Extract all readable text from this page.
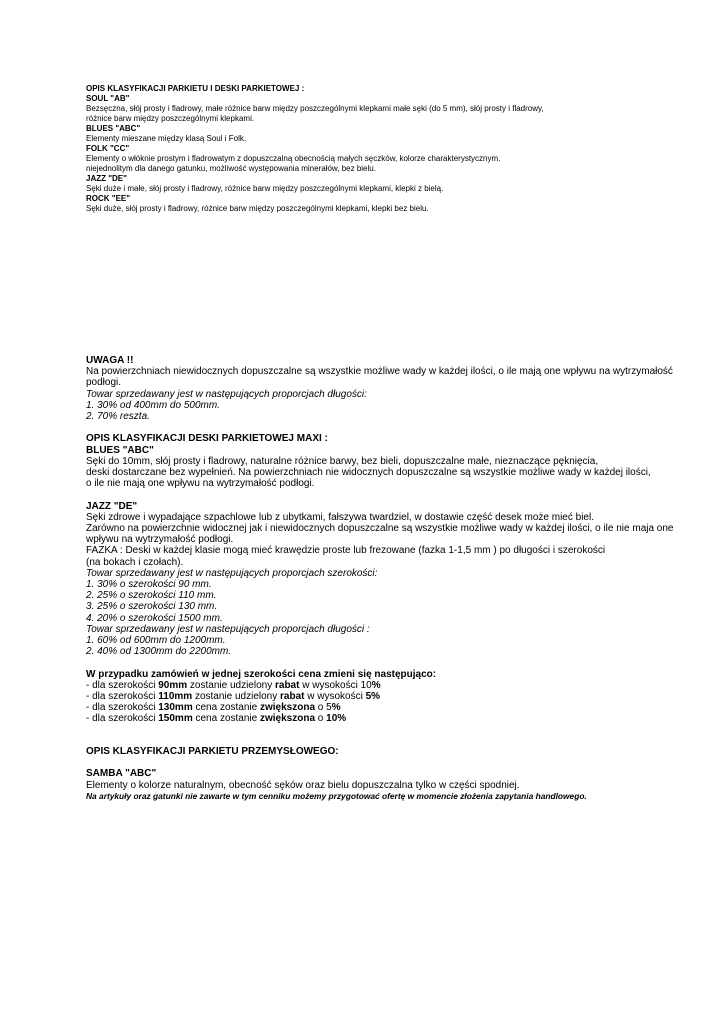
OPIS KLASYFIKACJI PARKIETU I DESKI PARKIETOWEJ :
SOUL "AB"
Bezsęczna, słój prosty i fladrowy, małe różnice barw między poszczególnymi klepkami małe sęki (do 5 mm), słój prosty i fladrowy,
różnice barw między poszczególnymi klepkami.
BLUES "ABC"
Elementy mieszane między klasą Soul i Folk.
FOLK "CC"
Elementy o włóknie prostym i fladrowatym z dopuszczalną obecnością małych sęczków, kolorze charakterystycznym.
niejednolitym dla danego gatunku, możliwość występowania minerałów, bez bielu.
JAZZ "DE"
Sęki duże i małe, słój prosty i fladrowy, różnice barw między poszczególnymi klepkami, klepki z bielą.
ROCK "EE"
Sęki duże, słój prosty i fladrowy, różnice barw między poszczególnymi klepkami, klepki bez bielu.
UWAGA !!
Na powierzchniach niewidocznych dopuszczalne są wszystkie możliwe wady w każdej ilości, o ile mają one wpływu na wytrzymałość podłogi.
Towar sprzedawany jest w następujących proporcjach długości:
1. 30% od 400mm do 500mm.
2. 70% reszta.
OPIS KLASYFIKACJI DESKI PARKIETOWEJ MAXI :
BLUES "ABC"
Sęki do 10mm, słój prosty i fladrowy, naturalne różnice barwy, bez bieli, dopuszczalne małe, nieznaczące pęknięcia,
deski dostarczane bez wypełnień. Na powierzchniach nie widocznych dopuszczalne są wszystkie możliwe wady w każdej ilości,
o ile nie mają one wpływu na wytrzymałość podłogi.
JAZZ "DE"
Sęki zdrowe i wypadające szpachlowe lub z ubytkami, fałszywa twardziel, w dostawie część desek może mieć biel.
Zarówno na powierzchnie widocznej jak i niewidocznych dopuszczalne są wszystkie możliwe wady w każdej ilości, o ile nie maja one wpływu na wytrzymałość podłogi.
FAZKA : Deski w każdej klasie mogą mieć krawędzie proste lub frezowane (fazka 1-1,5 mm ) po długości i szerokości
(na bokach i czołach).
Towar sprzedawany jest w następujących proporcjach szerokości:
1. 30% o szerokości 90 mm.
2. 25% o szerokości 110 mm.
3. 25% o szerokości 130 mm.
4. 20% o szerokości 1500 mm.
Towar sprzedawany jest w nastepujących proporcjach długości :
1. 60% od 600mm do 1200mm.
2. 40% od 1300mm do 2200mm.
W przypadku zamówień w jednej szerokości cena zmieni się następująco:
- dla szerokości 90mm zostanie udzielony rabat w wysokości 10%
- dla szerokości 110mm zostanie udzielony rabat w wysokości 5%
- dla szerokości 130mm cena zostanie zwiększona o 5%
- dla szerokości 150mm cena zostanie zwiększona o 10%
OPIS KLASYFIKACJI PARKIETU PRZEMYSŁOWEGO:
SAMBA "ABC"
Elementy o kolorze naturalnym, obecność sęków oraz bielu dopuszczalna tylko w części spodniej.
Na artykuły oraz gatunki nie zawarte w tym cenniku możemy przygotować ofertę w momencie złożenia zapytania handlowego.
